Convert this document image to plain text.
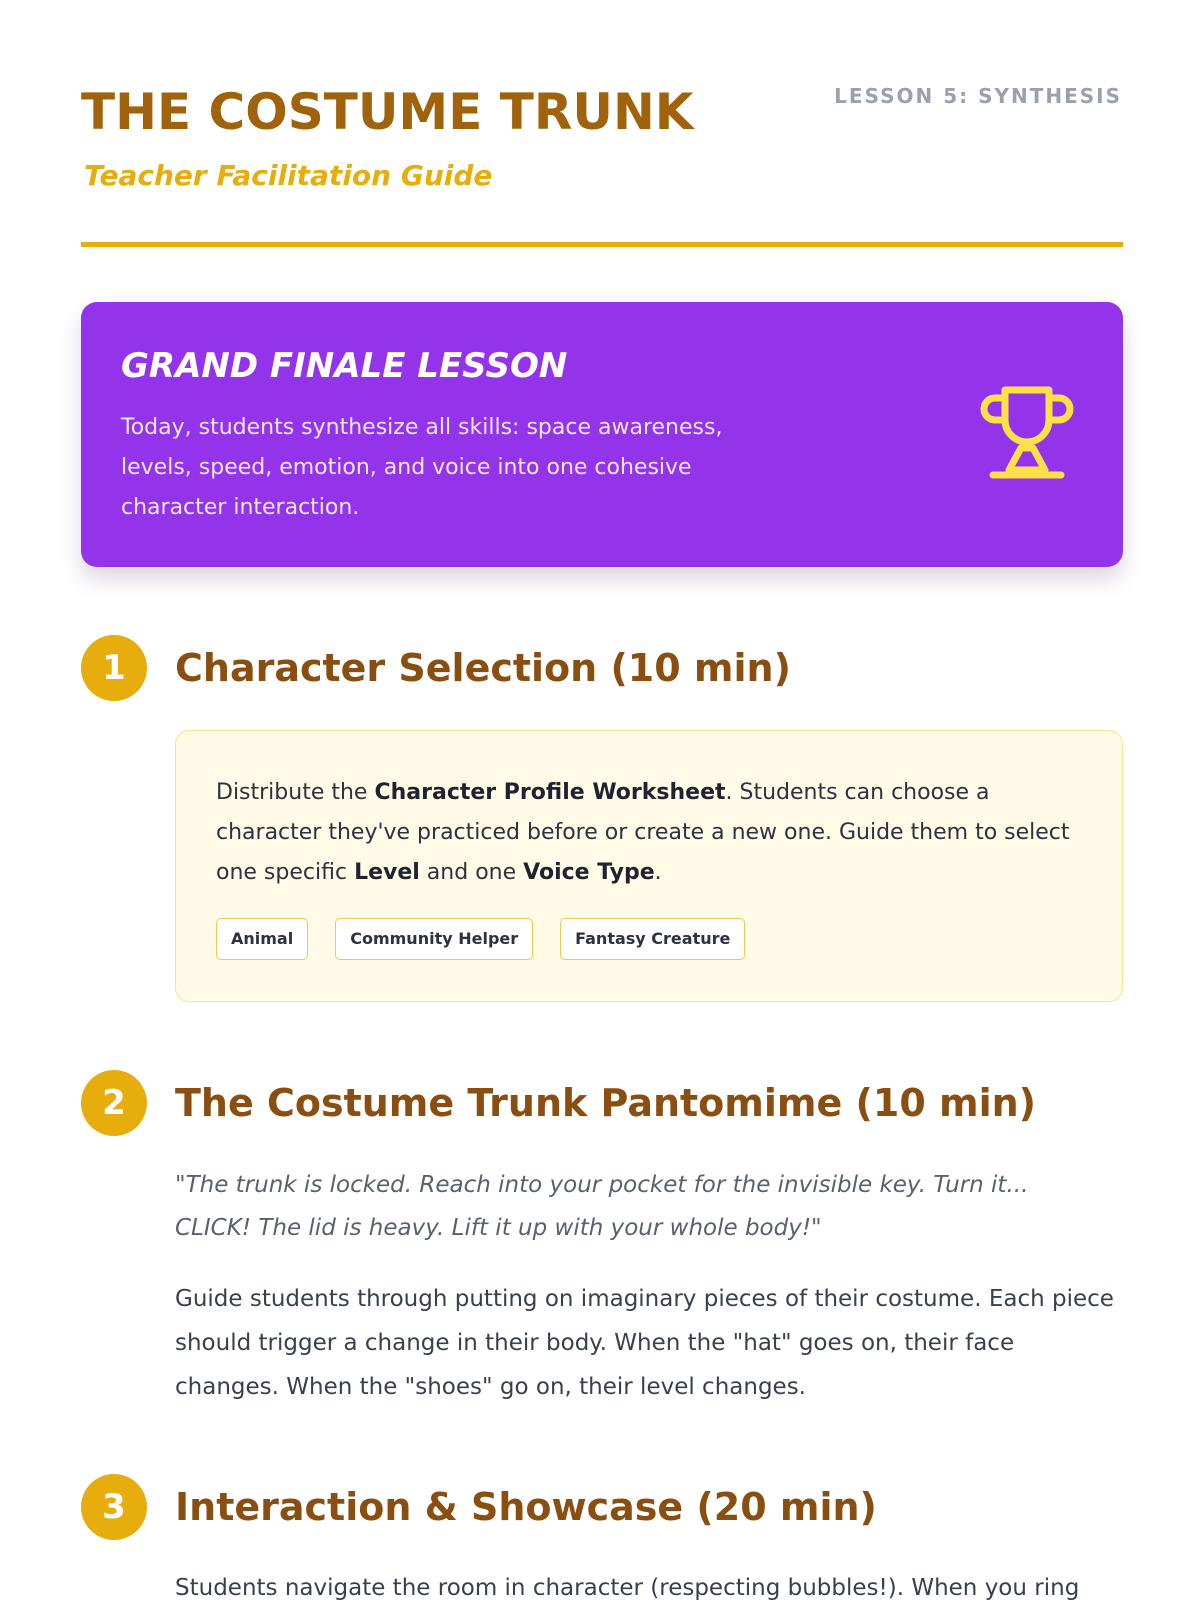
THE COSTUME TRUNK
Teacher Facilitation Guide
LESSON 5: SYNTHESIS
GRAND FINALE LESSON

Today, students synthesize all skills: space awareness, levels, speed, emotion, and voice into one cohesive character interaction.

1	Character Selection (10 min)

Distribute the Character Profile Worksheet. Students can choose a character they've practiced before or create a new one. Guide them to select one specific Level and one Voice Type.

Animal	Community Helper	Fantasy Creature
2	The Costume Trunk Pantomime (10 min)

"The trunk is locked. Reach into your pocket for the invisible key. Turn it... CLICK! The lid is heavy. Lift it up with your whole body!"

Guide students through putting on imaginary pieces of their costume. Each piece should trigger a change in their body. When the "hat" goes on, their face changes. When the "shoes" go on, their level changes.

3	Interaction & Showcase (20 min)

Students navigate the room in character (respecting bubbles!). When you ring
